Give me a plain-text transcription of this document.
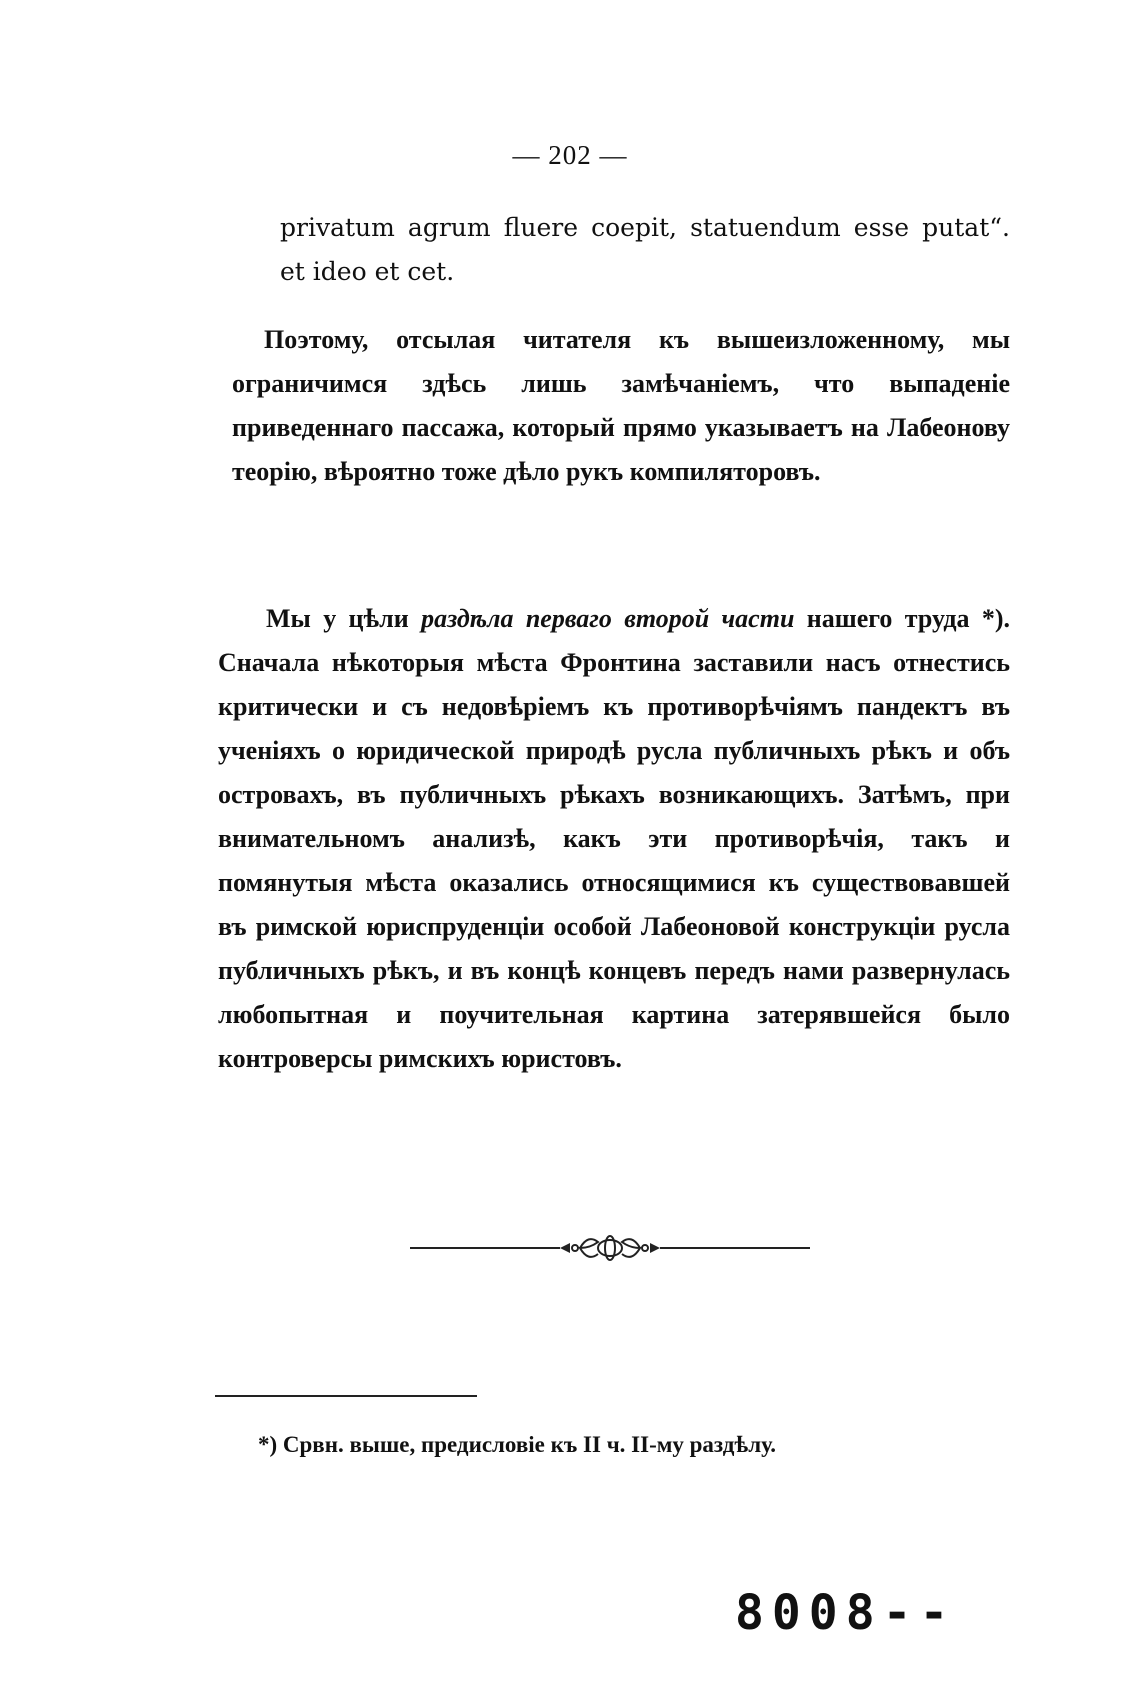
— 202 —

privatum agrum fluere coepit, statuendum esse putat“. et ideo et cet.

Поэтому, отсылая читателя къ вышеизложенному, мы ограничимся здѣсь лишь замѣчаніемъ, что выпаденіе приведеннаго пассажа, который прямо указываетъ на Лабеонову теорію, вѣроятно тоже дѣло рукъ компиляторовъ.

Мы у цѣли раздѣла перваго второй части нашего труда *). Сначала нѣкоторыя мѣста Фронтина заставили насъ отнестись критически и съ недовѣріемъ къ противорѣчіямъ пандектъ въ ученіяхъ о юридической природѣ русла публичныхъ рѣкъ и объ островахъ, въ публичныхъ рѣкахъ возникающихъ. Затѣмъ, при внимательномъ анализѣ, какъ эти противорѣчія, такъ и помянутыя мѣста оказались относящимися къ существовавшей въ римской юриспруденціи особой Лабеоновой конструкціи русла публичныхъ рѣкъ, и въ концѣ концевъ передъ нами развернулась любопытная и поучительная картина затерявшейся было контроверсы римскихъ юристовъ.

*) Срвн. выше, предисловіе къ II ч. II-му раздѣлу.
8008--
